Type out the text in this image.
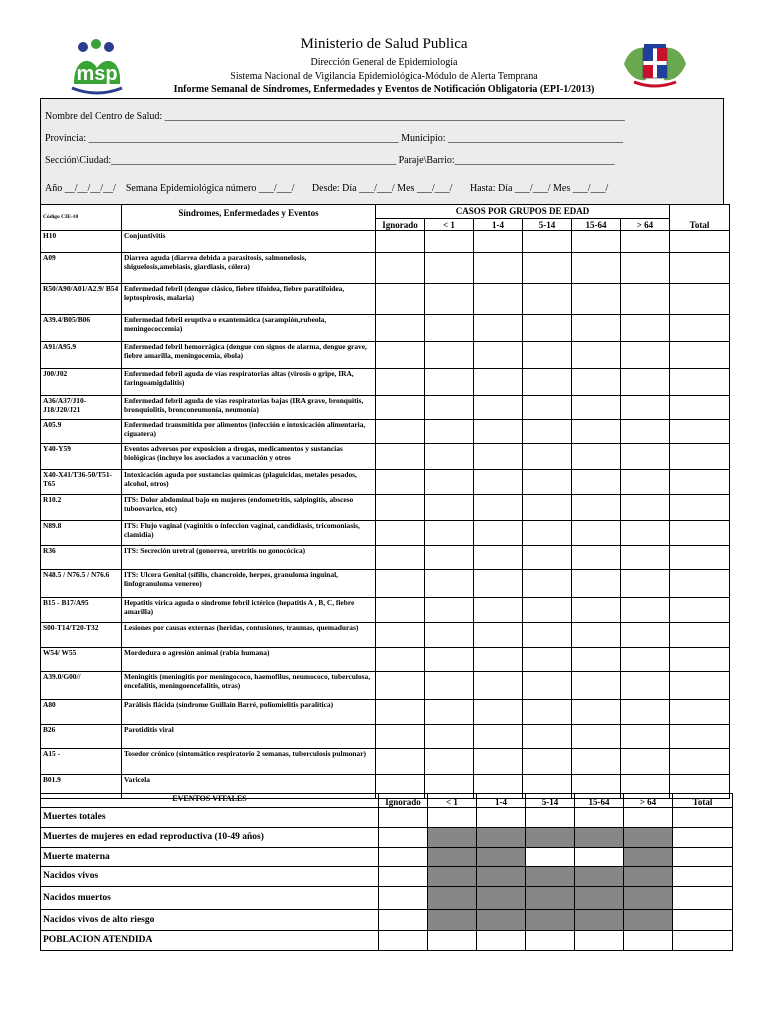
msp
Ministerio de Salud Publica
Dirección General de Epidemiología
Sistema Nacional de Vigilancia Epidemiológica-Módulo de Alerta Temprana
Informe Semanal de Síndromes, Enfermedades y Eventos de Notificación Obligatoria (EPI-1/2013)
Nombre del Centro de Salud: ____________________________________________________________________________________________
Provincia: ______________________________________________________________ Municipio: ___________________________________
Sección\Ciudad:_________________________________________________________ Paraje\Barrio:________________________________
Año __/__/__/__/    Semana Epidemiológica número ___/___/       Desde: Día ___/___/ Mes ___/___/       Hasta: Día ___/___/ Mes ___/___/
Código CIE-10	Síndromes, Enfermedades y Eventos	CASOS POR GRUPOS DE EDAD						
		Ignorado	< 1	1-4	5-14	15-64	> 64	Total
H10	Conjuntivitis							
A09	Diarrea aguda (diarrea debida a parasitosis, salmonelosis, shiguelosis,amebiasis, giardiasis, cólera)							
R50/A90/A01/A2.9/ B54	Enfermedad febril (dengue clásico, fiebre tifoidea, fiebre paratifoidea, leptospirosis, malaria)							
A39.4/B05/B06	Enfermedad febril eruptiva o exantemática (sarampión,rubeola, meningococcemia)							
A91/A95.9	Enfermedad febril hemorrágica (dengue con signos de alarma, dengue grave, fiebre amarilla, meningocemia, ébola)							
J00/J02	Enfermedad febril aguda de vías respiratorias altas (virosis o gripe, IRA, faringoamigdalitis)							
A36/A37/J10-J18/J20/J21	Enfermedad febril aguda de vías respiratorias bajas (IRA grave, bronquitis, bronquiolitis, bronconeumonía, neumonía)							
A05.9	Enfermedad transmitida por alimentos (infección e intoxicación alimentaria, ciguatera)							
Y40-Y59	Eventos adversos por exposicion a drogas, medicamentos y sustancias biológicas (incluye los asociados a vacunación y otros							
X40-X41/T36-50/T51-T65	Intoxicación aguda por sustancias químicas (plaguicidas, metales pesados, alcohol, otros)							
R10.2	ITS: Dolor abdominal bajo en mujeres (endometritis, salpingitis, absceso tuboovarico, etc)							
N89.8	ITS: Flujo vaginal (vaginitis o infeccion vaginal, candidiasis, tricomoniasis, clamidia)							
R36	ITS: Secreción uretral (gonorrea, uretritis no gonocócica)							
N48.5 / N76.5 / N76.6	ITS: Ulcera Genital (sífilis, chancroide, herpes, granuloma inguinal, linfogranuloma venereo)							
B15 - B17/A95	Hepatitis vírica aguda o síndrome febril ictérico (hepatitis A , B, C, fiebre amarilla)							
S00-T14/T20-T32	Lesiones por causas externas (heridas, contusiones, traumas, quemaduras)							
W54/ W55	Mordedura o agresión animal (rabia humana)							
A39.0/G00//	Meningitis (meningitis por meningococo, haemofilus, neumococo, tuberculosa, encefalitis, meningoencefalitis, otras)							
A80	Parálisis flácida (síndrome Guillain Barré, poliomielitis paralítica)							
B26	Parotiditis viral							
A15 -	Tosedor crónico (sintomático respiratorio 2 semanas, tuberculosis pulmonar)							
B01.9	Varicela							
EVENTOS VITALES	Ignorado	< 1	1-4	5-14	15-64	> 64	Total
Muertes totales							
Muertes de mujeres en edad reproductiva (10-49 años)							
Muerte materna							
Nacidos vivos							
Nacidos muertos							
Nacidos vivos de alto riesgo							
POBLACION ATENDIDA							
